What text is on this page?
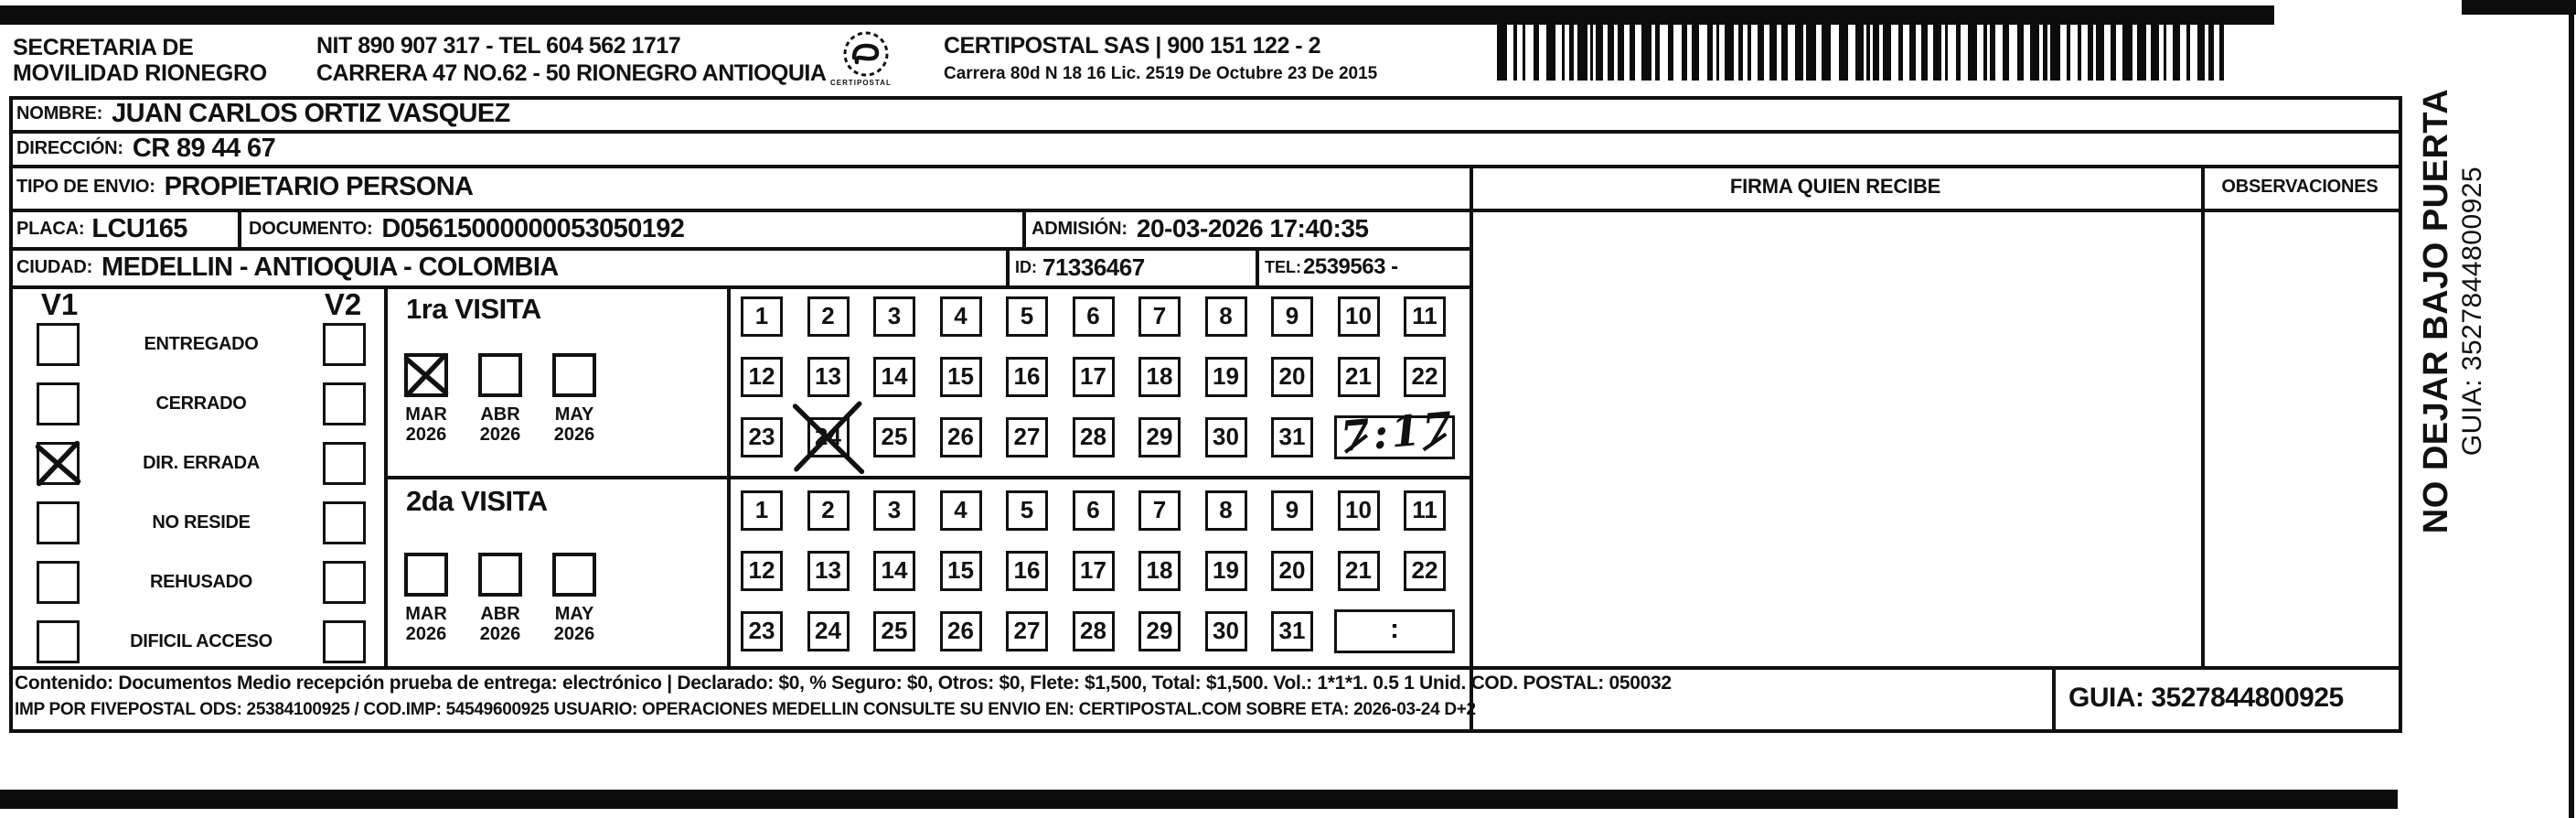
SECRETARIA DE
MOVILIDAD RIONEGRO
NIT 890 907 317 - TEL 604 562 1717
CARRERA 47 NO.62 - 50 RIONEGRO ANTIOQUIA CERTIPOSTAL
CERTIPOSTAL SAS | 900 151 122 - 2
Carrera 80d N 18 16 Lic. 2519 De Octubre 23 De 2015
NOMBRE: JUAN CARLOS ORTIZ VASQUEZ
DIRECCIÓN: CR 89 44 67
TIPO DE ENVIO: PROPIETARIO PERSONA
PLACA: LCU165	DOCUMENTO: D05615000000053050192	ADMISIÓN: 20-03-2026 17:40:35
CIUDAD: MEDELLIN - ANTIOQUIA - COLOMBIA	ID: 71336467	TEL: 2539563 -
FIRMA QUIEN RECIBE	OBSERVACIONES
V1	V2
ENTREGADO
CERRADO
DIR. ERRADA
NO RESIDE
REHUSADO
DIFICIL ACCESO
1ra VISITA
MAR
2026
ABR
2026
MAY
2026
2da VISITA
MAR
2026
ABR
2026
MAY
2026
1	2	3	4	5	6	7	8	9	10	11
12	13	14	15	16	17	18	19	20	21	22
23	24	25	26	27	28	29	30	31 7:17
1	2	3	4	5	6	7	8	9	10	11
12	13	14	15	16	17	18	19	20	21	22
23	24	25	26	27	28	29	30	31	:
Contenido: Documentos Medio recepción prueba de entrega: electrónico | Declarado: $0, % Seguro: $0, Otros: $0, Flete: $1,500, Total: $1,500. Vol.: 1*1*1. 0.5 1 Unid. COD. POSTAL: 050032
IMP POR FIVEPOSTAL ODS: 25384100925 / COD.IMP: 54549600925 USUARIO: OPERACIONES MEDELLIN CONSULTE SU ENVIO EN: CERTIPOSTAL.COM SOBRE ETA: 2026-03-24 D+2	GUIA: 3527844800925
NO DEJAR BAJO PUERTA GUIA: 3527844800925
